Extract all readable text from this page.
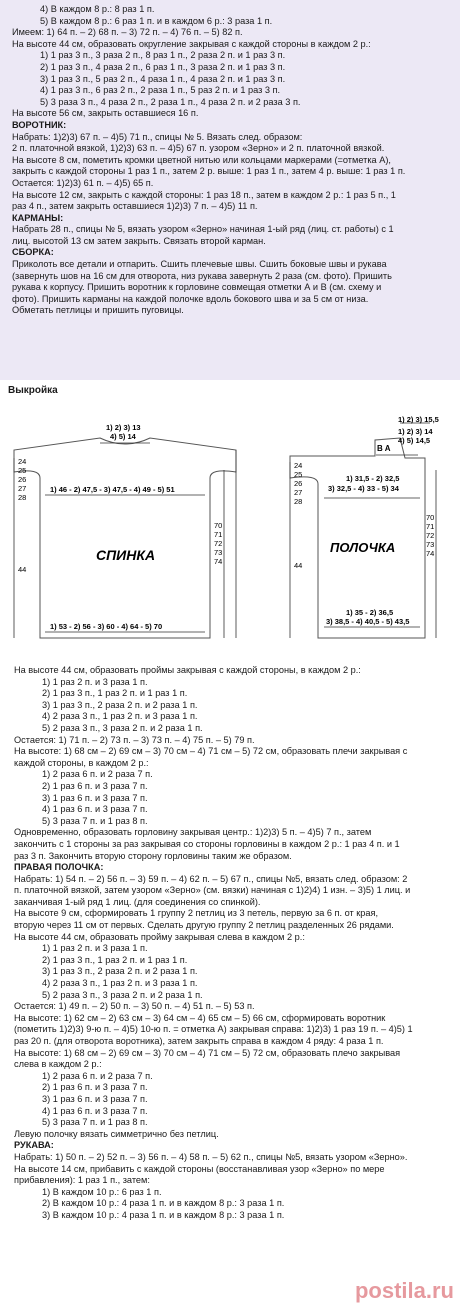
4) В каждом 8 р.: 8 раз 1 п.

5) В каждом 8 р.: 6 раз 1 п. и в каждом 6 р.: 3 раза 1 п.

Имеем: 1) 64 п. – 2) 68 п. – 3) 72 п. – 4) 76 п. – 5) 82 п.

На высоте 44 см, образовать округление закрывая с каждой стороны в каждом 2 р.:

1) 1 раз 3 п., 3 раза 2 п., 8 раз 1 п., 2 раза 2 п. и 1 раз 3 п.

2) 1 раз 3 п., 4 раза 2 п., 6 раз 1 п., 3 раза 2 п. и 1 раз 3 п.

3) 1 раз 3 п., 5 раз 2 п., 4 раза 1 п., 4 раза 2 п. и 1 раз 3 п.

4) 1 раз 3 п., 6 раз 2 п., 2 раза 1 п., 5 раз 2 п. и 1 раз 3 п.

5) 3 раза 3 п., 4 раза 2 п., 2 раза 1 п., 4 раза 2 п. и 2 раза 3 п.

На высоте 56 см, закрыть оставшиеся 16 п.

ВОРОТНИК:

Набрать: 1)2)3) 67 п. – 4)5) 71 п., спицы № 5. Вязать след. образом:

2 п. платочной вязкой, 1)2)3) 63 п. – 4)5) 67 п. узором «Зерно» и 2 п. платочной вязкой.

На высоте 8 см, пометить кромки цветной нитью или кольцами маркерами (=отметка А),

закрыть с каждой стороны 1 раз 1 п., затем 2 р. выше: 1 раз 1 п., затем 4 р. выше: 1 раз 1 п.

Остается: 1)2)3) 61 п. – 4)5) 65 п.

На высоте 12 см, закрыть с каждой стороны: 1 раз 18 п., затем в каждом 2 р.: 1 раз 5 п., 1

раз 4 п., затем закрыть оставшиеся 1)2)3) 7 п. – 4)5) 11 п.

КАРМАНЫ:

Набрать 28 п., спицы № 5, вязать узором «Зерно» начиная 1-ый ряд (лиц. ст. работы) с 1

лиц. высотой 13 см затем закрыть. Связать второй карман.

СБОРКА:

Приколоть все детали и отпарить. Сшить плечевые швы. Сшить боковые швы и рукава

(завернуть шов на 16 см для отворота, низ рукава завернуть 2 раза (см. фото). Пришить

рукава к корпусу. Пришить воротник к горловине совмещая отметки А и В (см. схему и

фото). Пришить карманы на каждой полочке вдоль бокового шва и за 5 см от низа.

Обметать петлицы и пришить пуговицы.

Выкройка
1) 2) 3) 13
4) 5) 14
1) 46 - 2) 47,5 - 3) 47,5 - 4) 49 - 5) 51
СПИНКА
1) 53 - 2) 56 - 3) 60 - 4) 64 - 5) 70
24
25
26
27
28
44
70
71
72
73
74
1) 2) 3) 15,5
1) 2) 3) 14
4) 5) 14,5
B A
1) 31,5 - 2) 32,5
3) 32,5 - 4) 33 - 5) 34
ПОЛОЧКА
1) 35 - 2) 36,5
3) 38,5 - 4) 40,5 - 5) 43,5
24
25
26
27
28
44
70
71
72
73
74

На высоте 44 см, образовать проймы закрывая с каждой стороны, в каждом 2 р.:

1) 1 раз 2 п. и 3 раза 1 п.

2) 1 раз 3 п., 1 раз 2 п. и 1 раз 1 п.

3) 1 раз 3 п., 2 раза 2 п. и 2 раза 1 п.

4) 2 раза 3 п., 1 раз 2 п. и 3 раза 1 п.

5) 2 раза 3 п., 3 раза 2 п. и 2 раза 1 п.

Остается: 1) 71 п. – 2) 73 п. – 3) 73 п. – 4) 75 п. – 5) 79 п.

На высоте: 1) 68 см – 2) 69 см – 3) 70 см – 4) 71 см – 5) 72 см, образовать плечи закрывая с

каждой стороны, в каждом 2 р.:

1) 2 раза 6 п. и 2 раза 7 п.

2) 1 раз 6 п. и 3 раза 7 п.

3) 1 раз 6 п. и 3 раза 7 п.

4) 1 раз 6 п. и 3 раза 7 п.

5) 3 раза 7 п. и 1 раз 8 п.

Одновременно, образовать горловину закрывая центр.: 1)2)3) 5 п. – 4)5) 7 п., затем

закончить с 1 стороны за раз закрывая со стороны горловины в каждом 2 р.: 1 раз 4 п. и 1

раз 3 п. Закончить вторую сторону горловины таким же образом.

ПРАВАЯ ПОЛОЧКА:

Набрать: 1) 54 п. – 2) 56 п. – 3) 59 п. – 4) 62 п. – 5) 67 п., спицы №5, вязать след. образом: 2

п. платочной вязкой, затем узором «Зерно» (см. вязки) начиная с 1)2)4) 1 изн. – 3)5) 1 лиц. и

заканчивая 1-ый ряд 1 лиц. (для соединения со спинкой).

На высоте 9 см, сформировать 1 группу 2 петлиц из 3 петель, первую за 6 п. от края,

вторую через 11 см от первых. Сделать другую группу 2 петлиц разделенных 26 рядами.

На высоте 44 см, образовать пройму закрывая слева в каждом 2 р.:

1) 1 раз 2 п. и 3 раза 1 п.

2) 1 раз 3 п., 1 раз 2 п. и 1 раз 1 п.

3) 1 раз 3 п., 2 раза 2 п. и 2 раза 1 п.

4) 2 раза 3 п., 1 раз 2 п. и 3 раза 1 п.

5) 2 раза 3 п., 3 раза 2 п. и 2 раза 1 п.

Остается: 1) 49 п. – 2) 50 п. – 3) 50 п. – 4) 51 п. – 5) 53 п.

На высоте: 1) 62 см – 2) 63 см – 3) 64 см – 4) 65 см – 5) 66 см, сформировать воротник

(пометить 1)2)3) 9-ю п. – 4)5) 10-ю п. = отметка А) закрывая справа: 1)2)3) 1 раз 19 п. – 4)5) 1

раз 20 п. (для отворота воротника), затем закрыть справа в каждом 4 ряду: 4 раза 1 п.

На высоте: 1) 68 см – 2) 69 см – 3) 70 см – 4) 71 см – 5) 72 см, образовать плечо закрывая

слева в каждом 2 р.:

1) 2 раза 6 п. и 2 раза 7 п.

2) 1 раз 6 п. и 3 раза 7 п.

3) 1 раз 6 п. и 3 раза 7 п.

4) 1 раз 6 п. и 3 раза 7 п.

5) 3 раза 7 п. и 1 раз 8 п.

Левую полочку вязать симметрично без петлиц.

РУКАВА:

Набрать: 1) 50 п. – 2) 52 п. – 3) 56 п. – 4) 58 п. – 5) 62 п., спицы №5, вязать узором «Зерно».

На высоте 14 см, прибавить с каждой стороны (восстанавливая узор «Зерно» по мере

прибавления): 1 раз 1 п., затем:

1) В каждом 10 р.: 6 раз 1 п.

2) В каждом 10 р.: 4 раза 1 п. и в каждом 8 р.: 3 раза 1 п.

3) В каждом 10 р.: 4 раза 1 п. и в каждом 8 р.: 3 раза 1 п.

postila.ru
